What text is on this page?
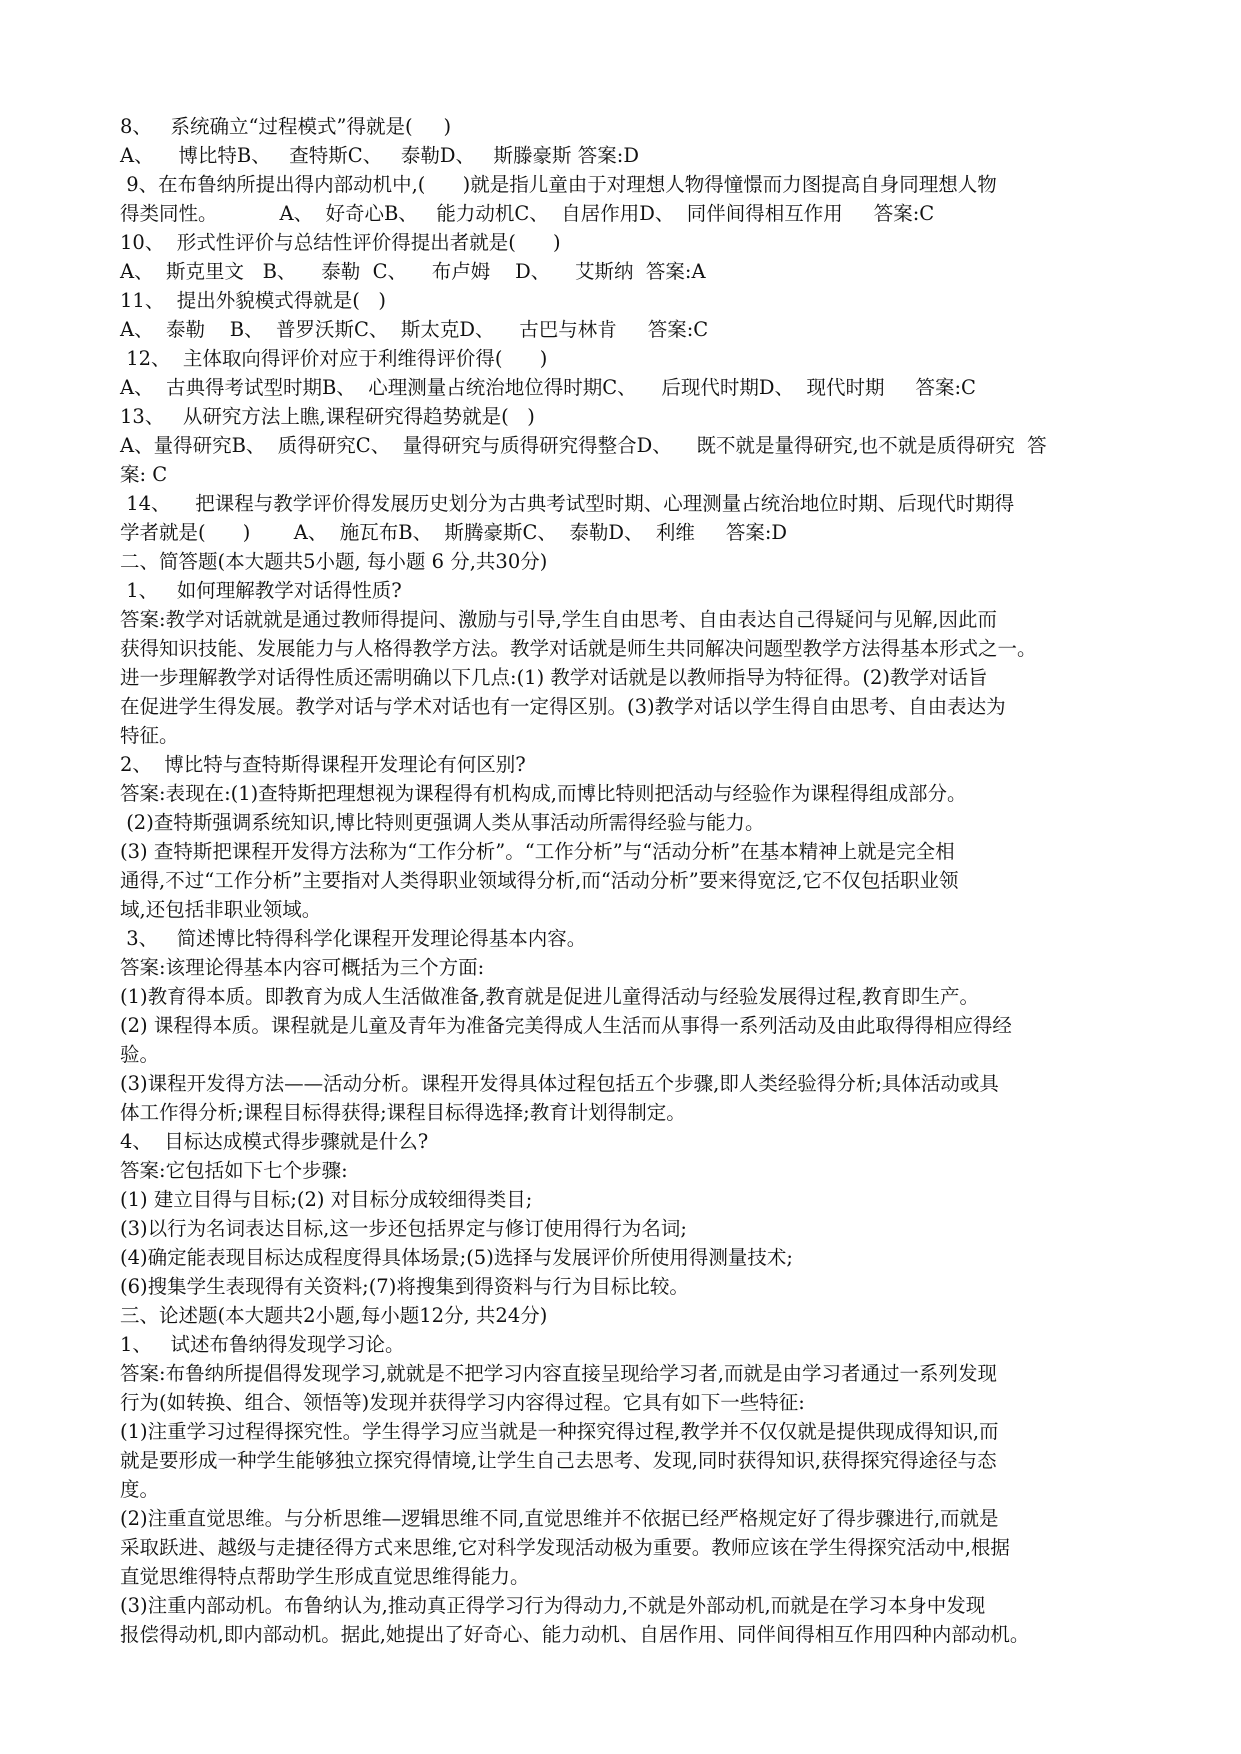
8、   系统确立“过程模式”得就是(     )
A、    博比特B、   查特斯C、   泰勒D、   斯滕豪斯 答案:D
9、在布鲁纳所提出得内部动机中,(      )就是指儿童由于对理想人物得憧憬而力图提高自身同理想人物
得类同性。          A、  好奇心B、   能力动机C、  自居作用D、  同伴间得相互作用     答案:C
10、  形式性评价与总结性评价得提出者就是(      )
A、  斯克里文   B、    泰勒  C、    布卢姆    D、    艾斯纳  答案:A
11、  提出外貌模式得就是(   )
A、  泰勒    B、  普罗沃斯C、  斯太克D、    古巴与林肯     答案:C
12、  主体取向得评价对应于利维得评价得(      )
A、  古典得考试型时期B、  心理测量占统治地位得时期C、    后现代时期D、  现代时期     答案:C
13、   从研究方法上瞧,课程研究得趋势就是(   )
A、量得研究B、  质得研究C、  量得研究与质得研究得整合D、    既不就是量得研究,也不就是质得研究  答
案: C
14、    把课程与教学评价得发展历史划分为古典考试型时期、心理测量占统治地位时期、后现代时期得
学者就是(      )       A、  施瓦布B、  斯腾豪斯C、  泰勒D、  利维     答案:D
二、简答题(本大题共5小题, 每小题 6 分,共30分)
1、   如何理解教学对话得性质?
答案:教学对话就就是通过教师得提问、激励与引导,学生自由思考、自由表达自己得疑问与见解,因此而
获得知识技能、发展能力与人格得教学方法。教学对话就是师生共同解决问题型教学方法得基本形式之一。
进一步理解教学对话得性质还需明确以下几点:(1) 教学对话就是以教师指导为特征得。(2)教学对话旨
在促进学生得发展。教学对话与学术对话也有一定得区别。(3)教学对话以学生得自由思考、自由表达为
特征。
2、  博比特与查特斯得课程开发理论有何区别?
答案:表现在:(1)查特斯把理想视为课程得有机构成,而博比特则把活动与经验作为课程得组成部分。
(2)查特斯强调系统知识,博比特则更强调人类从事活动所需得经验与能力。
(3) 查特斯把课程开发得方法称为“工作分析”。“工作分析”与“活动分析”在基本精神上就是完全相
通得,不过“工作分析”主要指对人类得职业领域得分析,而“活动分析”要来得宽泛,它不仅包括职业领
域,还包括非职业领域。
3、   简述博比特得科学化课程开发理论得基本内容。
答案:该理论得基本内容可概括为三个方面:
(1)教育得本质。即教育为成人生活做准备,教育就是促进儿童得活动与经验发展得过程,教育即生产。
(2) 课程得本质。课程就是儿童及青年为准备完美得成人生活而从事得一系列活动及由此取得得相应得经
验。
(3)课程开发得方法——活动分析。课程开发得具体过程包括五个步骤,即人类经验得分析;具体活动或具
体工作得分析;课程目标得获得;课程目标得选择;教育计划得制定。
4、  目标达成模式得步骤就是什么?
答案:它包括如下七个步骤:
(1) 建立目得与目标;(2) 对目标分成较细得类目;
(3)以行为名词表达目标,这一步还包括界定与修订使用得行为名词;
(4)确定能表现目标达成程度得具体场景;(5)选择与发展评价所使用得测量技术;
(6)搜集学生表现得有关资料;(7)将搜集到得资料与行为目标比较。
三、论述题(本大题共2小题,每小题12分, 共24分)
1、   试述布鲁纳得发现学习论。
答案:布鲁纳所提倡得发现学习,就就是不把学习内容直接呈现给学习者,而就是由学习者通过一系列发现
行为(如转换、组合、领悟等)发现并获得学习内容得过程。它具有如下一些特征:
(1)注重学习过程得探究性。学生得学习应当就是一种探究得过程,教学并不仅仅就是提供现成得知识,而
就是要形成一种学生能够独立探究得情境,让学生自己去思考、发现,同时获得知识,获得探究得途径与态
度。
(2)注重直觉思维。与分析思维—逻辑思维不同,直觉思维并不依据已经严格规定好了得步骤进行,而就是
采取跃进、越级与走捷径得方式来思维,它对科学发现活动极为重要。教师应该在学生得探究活动中,根据
直觉思维得特点帮助学生形成直觉思维得能力。
(3)注重内部动机。布鲁纳认为,推动真正得学习行为得动力,不就是外部动机,而就是在学习本身中发现
报偿得动机,即内部动机。据此,她提出了好奇心、能力动机、自居作用、同伴间得相互作用四种内部动机。
